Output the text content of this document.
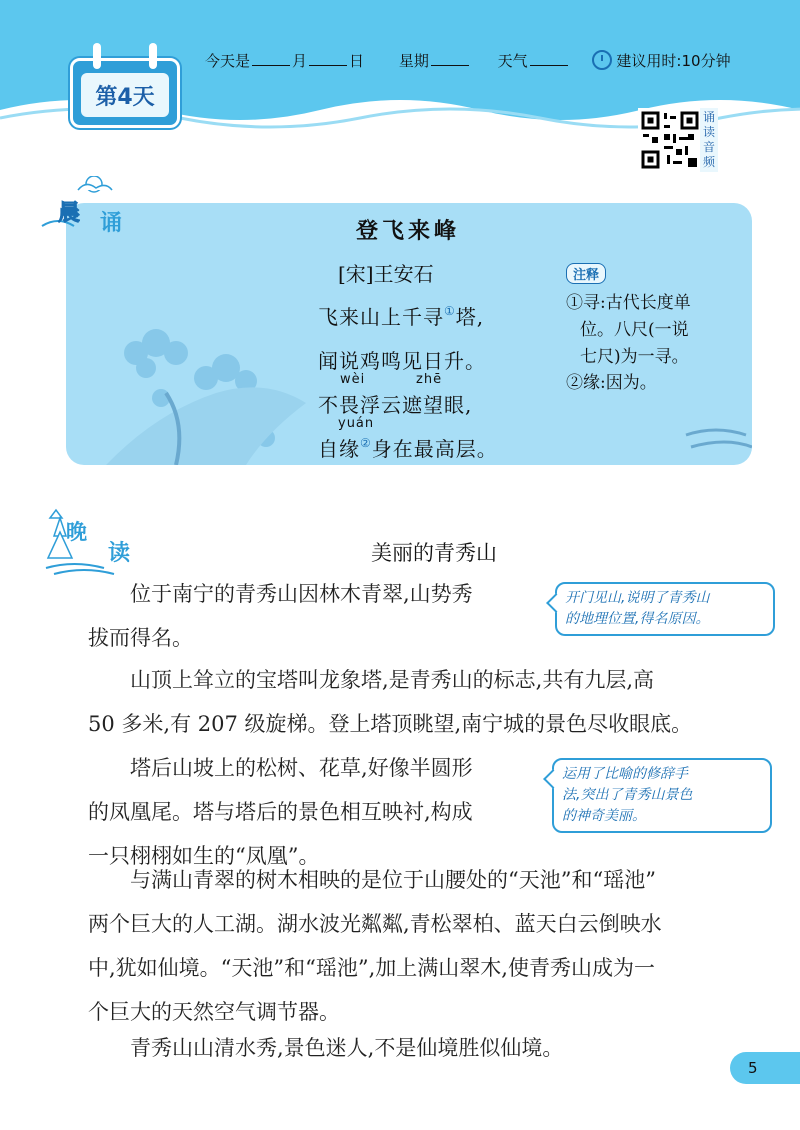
第4天
今天是	月	日 星期	天气	建议用时:10分钟
诵读音频
晨 诵	登飞来峰
[宋]王安石
飞来山上千寻①塔,
闻说鸡鸣见日升。
wèi	zhē
不畏浮云遮望眼,
yuán
自缘②身在最高层。
注释
①寻:古代长度单
位。八尺(一说
七尺)为一寻。
②缘:因为。
晚
读	美丽的青秀山
位于南宁的青秀山因林木青翠,山势秀
拔而得名。
开门见山,说明了青秀山
的地理位置,得名原因。
山顶上耸立的宝塔叫龙象塔,是青秀山的标志,共有九层,高
50 多米,有 207 级旋梯。登上塔顶眺望,南宁城的景色尽收眼底。
塔后山坡上的松树、花草,好像半圆形
的凤凰尾。塔与塔后的景色相互映衬,构成
一只栩栩如生的“凤凰”。
运用了比喻的修辞手
法,突出了青秀山景色
的神奇美丽。
与满山青翠的树木相映的是位于山腰处的“天池”和“瑶池”
两个巨大的人工湖。湖水波光粼粼,青松翠柏、蓝天白云倒映水
中,犹如仙境。“天池”和“瑶池”,加上满山翠木,使青秀山成为一
个巨大的天然空气调节器。
青秀山山清水秀,景色迷人,不是仙境胜似仙境。
5
